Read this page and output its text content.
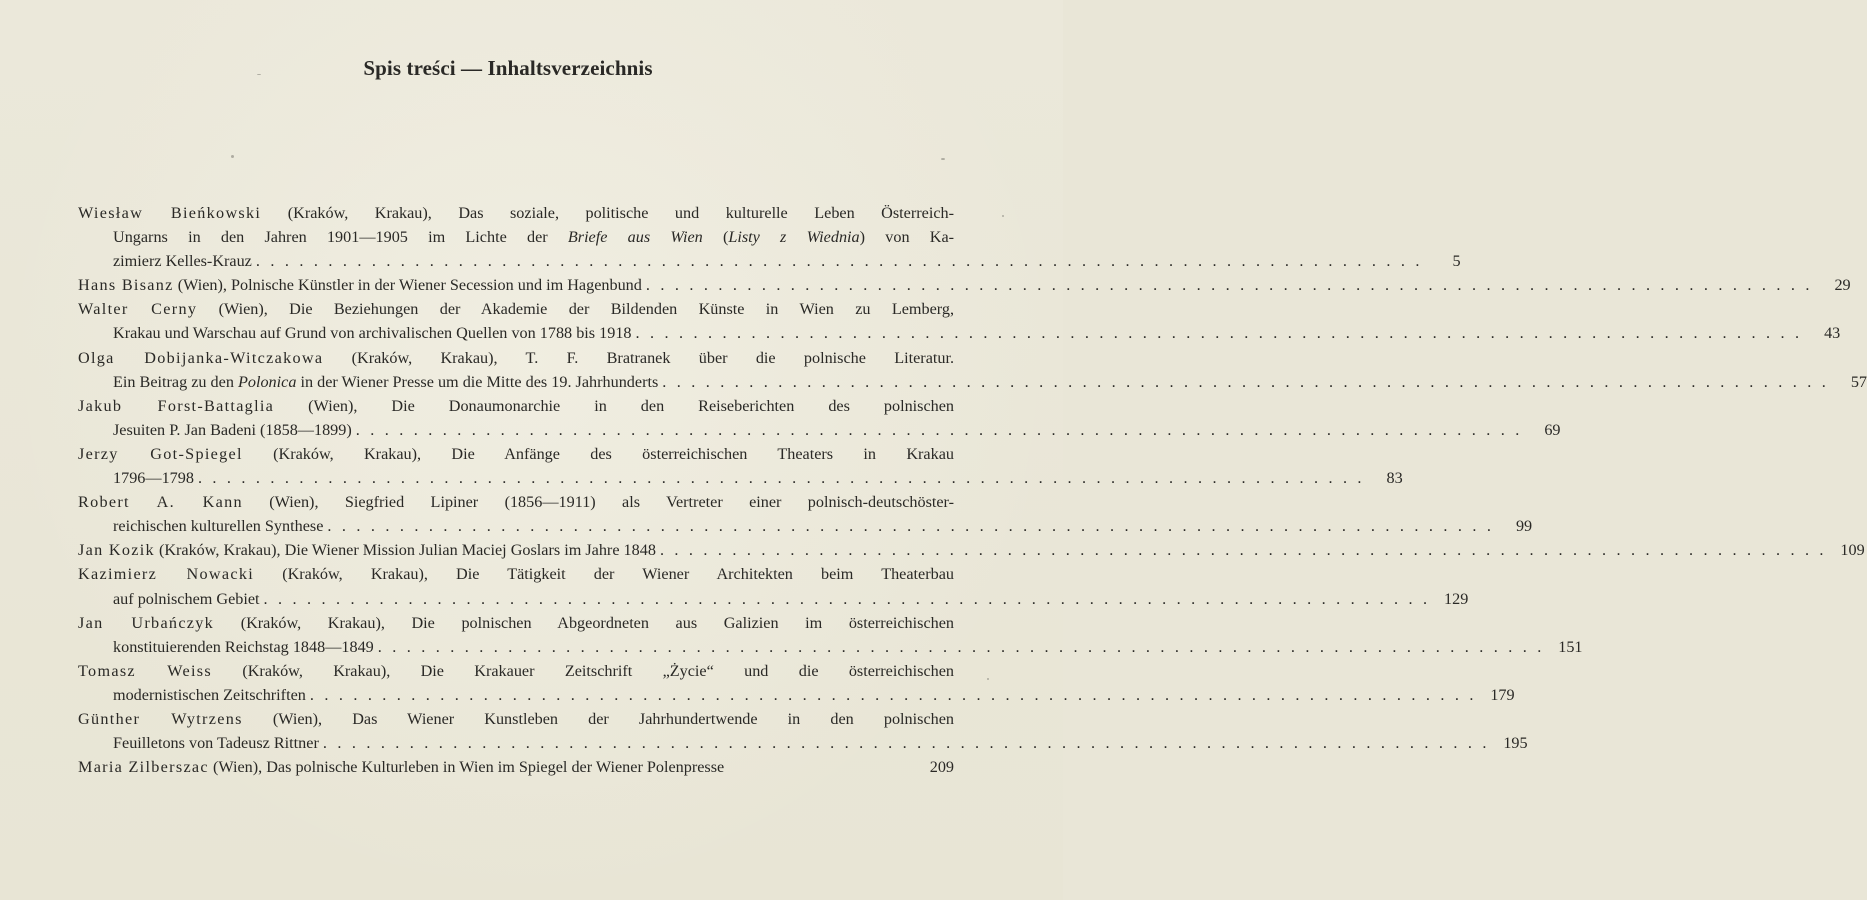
Spis treści — Inhaltsverzeichnis
Wiesław Bieńkowski (Kraków, Krakau), Das soziale, politische und kulturelle Leben Österreich-
Ungarns in den Jahren 1901—1905 im Lichte der Briefe aus Wien (Listy z Wiednia) von Ka-
zimierz Kelles-Krauz . . .	5
Hans Bisanz (Wien), Polnische Künstler in der Wiener Secession und im Hagenbund . . .	29
Walter Cerny (Wien), Die Beziehungen der Akademie der Bildenden Künste in Wien zu Lemberg,
Krakau und Warschau auf Grund von archivalischen Quellen von 1788 bis 1918 . . .	43
Olga Dobijanka-Witczakowa (Kraków, Krakau), T. F. Bratranek über die polnische Literatur.
Ein Beitrag zu den Polonica in der Wiener Presse um die Mitte des 19. Jahrhunderts . . .	57
Jakub Forst-Battaglia (Wien), Die Donaumonarchie in den Reiseberichten des polnischen
Jesuiten P. Jan Badeni (1858—1899) . . .	69
Jerzy Got-Spiegel (Kraków, Krakau), Die Anfänge des österreichischen Theaters in Krakau
1796—1798 . . .	83
Robert A. Kann (Wien), Siegfried Lipiner (1856—1911) als Vertreter einer polnisch-deutschöster-
reichischen kulturellen Synthese . . .	99
Jan Kozik (Kraków, Krakau), Die Wiener Mission Julian Maciej Goslars im Jahre 1848 . . .	109
Kazimierz Nowacki (Kraków, Krakau), Die Tätigkeit der Wiener Architekten beim Theaterbau
auf polnischem Gebiet . . .	129
Jan Urbańczyk (Kraków, Krakau), Die polnischen Abgeordneten aus Galizien im österreichischen
konstituierenden Reichstag 1848—1849 . . .	151
Tomasz Weiss (Kraków, Krakau), Die Krakauer Zeitschrift „Życie“ und die österreichischen
modernistischen Zeitschriften . . .	179
Günther Wytrzens (Wien), Das Wiener Kunstleben der Jahrhundertwende in den polnischen
Feuilletons von Tadeusz Rittner . . .	195
Maria Zilberszac (Wien), Das polnische Kulturleben in Wien im Spiegel der Wiener Polenpresse	209
